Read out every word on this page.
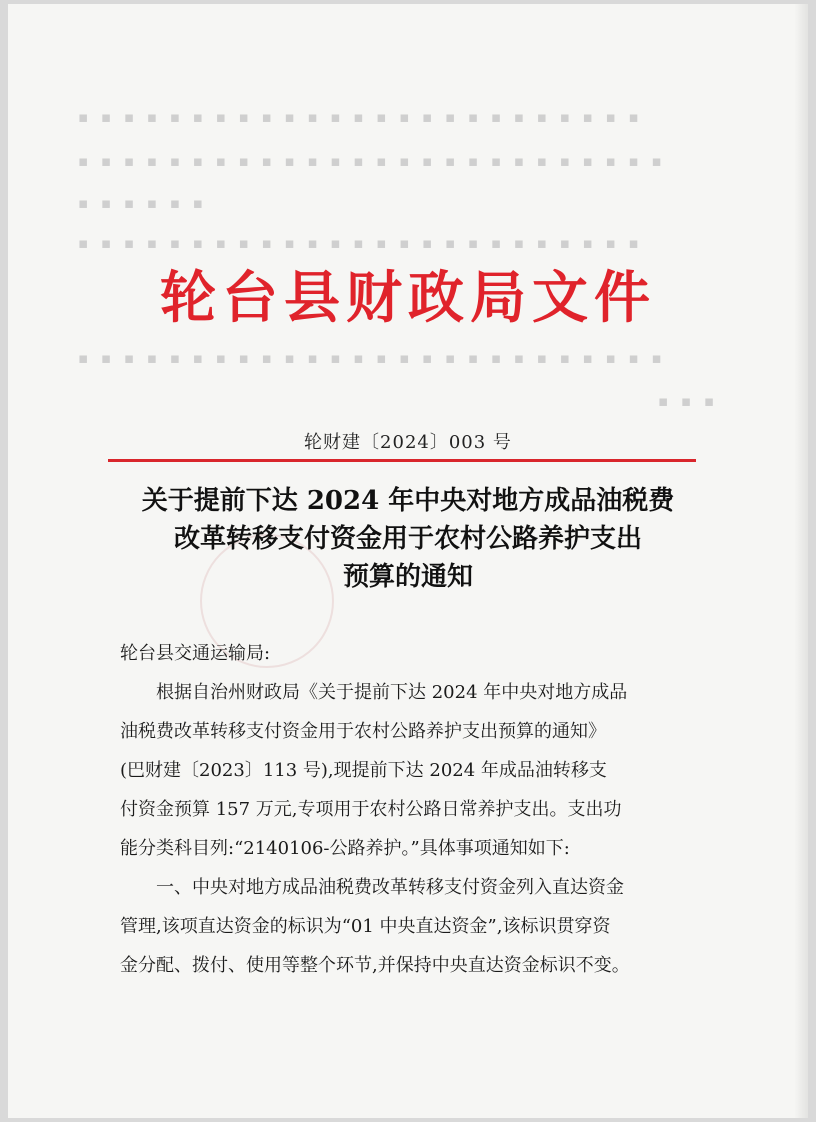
▪ ▪ ▪ ▪ ▪ ▪ ▪ ▪ ▪ ▪ ▪ ▪ ▪ ▪ ▪ ▪ ▪ ▪ ▪ ▪ ▪ ▪ ▪ ▪ ▪
▪ ▪ ▪ ▪ ▪ ▪ ▪ ▪ ▪ ▪ ▪ ▪ ▪ ▪ ▪ ▪ ▪ ▪ ▪ ▪ ▪ ▪ ▪ ▪ ▪ ▪
▪ ▪ ▪ ▪ ▪ ▪
▪ ▪ ▪ ▪ ▪ ▪ ▪ ▪ ▪ ▪ ▪ ▪ ▪ ▪ ▪ ▪ ▪ ▪ ▪ ▪ ▪ ▪ ▪ ▪ ▪
▪ ▪ ▪ ▪ ▪ ▪ ▪ ▪ ▪ ▪ ▪ ▪ ▪ ▪ ▪ ▪ ▪ ▪ ▪ ▪ ▪ ▪ ▪ ▪ ▪ ▪
▪ ▪ ▪
轮台县财政局文件
轮财建〔2024〕003 号
关于提前下达 2024 年中央对地方成品油税费
改革转移支付资金用于农村公路养护支出
预算的通知

轮台县交通运输局:

根据自治州财政局《关于提前下达 2024 年中央对地方成品
油税费改革转移支付资金用于农村公路养护支出预算的通知》
(巴财建〔2023〕113 号),现提前下达 2024 年成品油转移支
付资金预算 157 万元,专项用于农村公路日常养护支出。支出功
能分类科目列:“2140106-公路养护。”具体事项通知如下:

一、中央对地方成品油税费改革转移支付资金列入直达资金
管理,该项直达资金的标识为“01 中央直达资金”,该标识贯穿资
金分配、拨付、使用等整个环节,并保持中央直达资金标识不变。
